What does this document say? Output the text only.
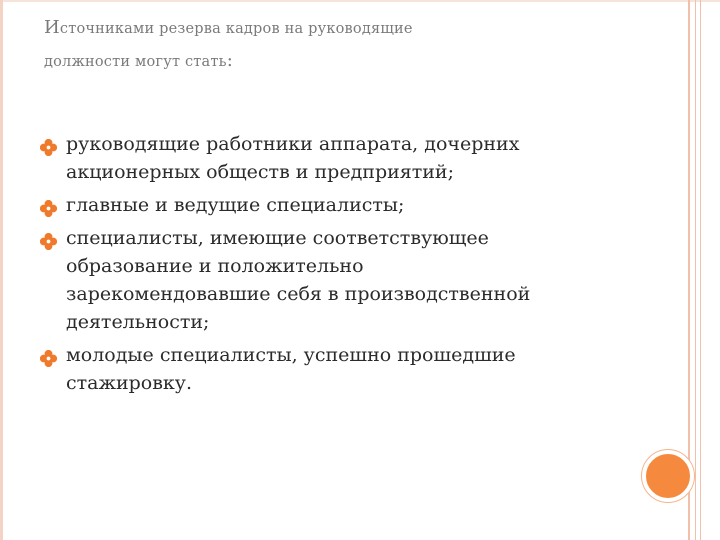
Источниками резерва кадров на руководящие
должности могут стать:
руководящие работники аппарата, дочерних
акционерных обществ и предприятий;
главные и ведущие специалисты;
специалисты, имеющие соответствующее
образование и положительно
зарекомендовавшие себя в производственной
деятельности;
молодые специалисты, успешно прошедшие
стажировку.
